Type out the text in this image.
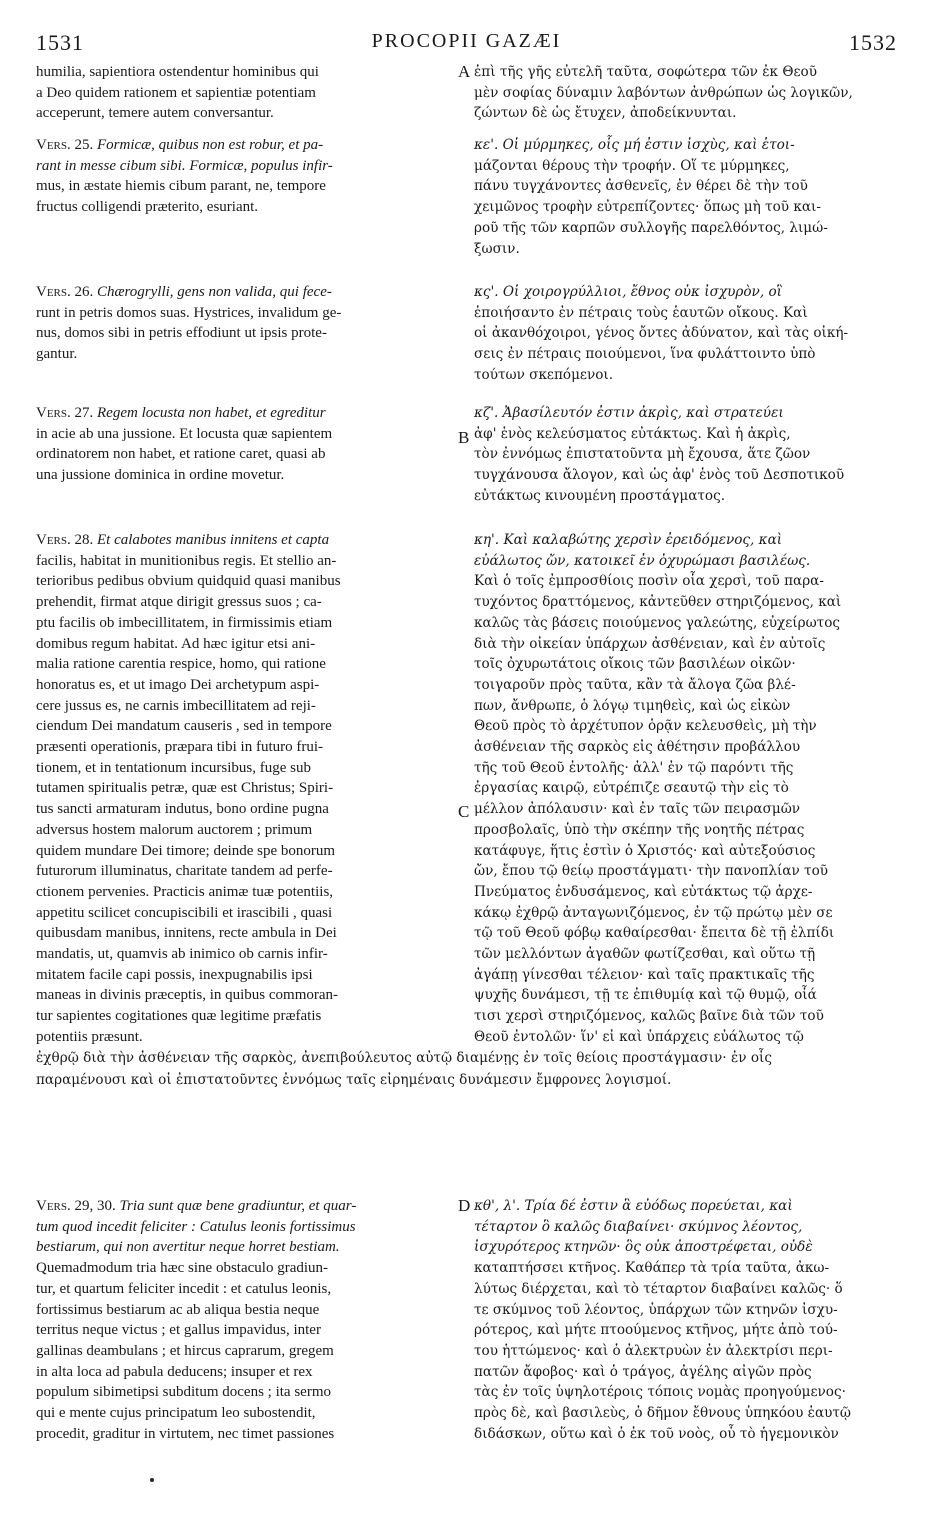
1531	PROCOPII GAZÆI	1532
A
B
C
D
humilia, sapientiora ostendentur hominibus qui
a Deo quidem rationem et sapientiæ potentiam
acceperunt, temere autem conversantur.
Vers. 25. Formicæ, quibus non est robur, et pa-
rant in messe cibum sibi. Formicæ, populus infir-
mus, in æstate hiemis cibum parant, ne, tempore
fructus colligendi præterito, esuriant.
Vers. 26. Chærogrylli, gens non valida, qui fece-
runt in petris domos suas. Hystrices, invalidum ge-
nus, domos sibi in petris effodiunt ut ipsis prote-
gantur.
Vers. 27. Regem locusta non habet, et egreditur
in acie ab una jussione. Et locusta quæ sapientem
ordinatorem non habet, et ratione caret, quasi ab
una jussione dominica in ordine movetur.
Vers. 28. Et calabotes manibus innitens et capta
facilis, habitat in munitionibus regis. Et stellio an-
terioribus pedibus obvium quidquid quasi manibus
prehendit, firmat atque dirigit gressus suos ; ca-
ptu facilis ob imbecillitatem, in firmissimis etiam
domibus regum habitat. Ad hæc igitur etsi ani-
malia ratione carentia respice, homo, qui ratione
honoratus es, et ut imago Dei archetypum aspi-
cere jussus es, ne carnis imbecillitatem ad reji-
ciendum Dei mandatum causeris , sed in tempore
præsenti operationis, præpara tibi in futuro frui-
tionem, et in tentationum incursibus, fuge sub
tutamen spiritualis petræ, quæ est Christus; Spiri-
tus sancti armaturam indutus, bono ordine pugna
adversus hostem malorum auctorem ; primum
quidem mundare Dei timore; deinde spe bonorum
futurorum illuminatus, charitate tandem ad perfe-
ctionem pervenies. Practicis animæ tuæ potentiis,
appetitu scilicet concupiscibili et irascibili , quasi
quibusdam manibus, innitens, recte ambula in Dei
mandatis, ut, quamvis ab inimico ob carnis infir-
mitatem facile capi possis, inexpugnabilis ipsi
maneas in divinis præceptis, in quibus commoran-
tur sapientes cogitationes quæ legitime præfatis
potentiis præsunt.
ἐπὶ τῆς γῆς εὐτελῆ ταῦτα, σοφώτερα τῶν ἐκ Θεοῦ
μὲν σοφίας δύναμιν λαβόντων ἀνθρώπων ὡς λογικῶν,
ζώντων δὲ ὡς ἔτυχεν, ἀποδείκνυνται.
κε'. Οἱ μύρμηκες, οἷς μή ἐστιν ἰσχὺς, καὶ ἑτοι-
μάζονται θέρους τὴν τροφήν. Οἵ τε μύρμηκες,
πάνυ τυγχάνοντες ἀσθενεῖς, ἐν θέρει δὲ τὴν τοῦ
χειμῶνος τροφὴν εὐτρεπίζοντες· ὅπως μὴ τοῦ και-
ροῦ τῆς τῶν καρπῶν συλλογῆς παρελθόντος, λιμώ-
ξωσιν.
κς'. Οἱ χοιρογρύλλιοι, ἔθνος οὐκ ἰσχυρὸν, οἳ
ἐποιήσαντο ἐν πέτραις τοὺς ἑαυτῶν οἴκους. Καὶ
οἱ ἀκανθόχοιροι, γένος ὄντες ἀδύνατον, καὶ τὰς οἰκή-
σεις ἐν πέτραις ποιούμενοι, ἵνα φυλάττοιντο ὑπὸ
τούτων σκεπόμενοι.
κζ'. Ἀβασίλευτόν ἐστιν ἀκρὶς, καὶ στρατεύει
ἀφ' ἑνὸς κελεύσματος εὐτάκτως. Καὶ ἡ ἀκρὶς,
τὸν ἐννόμως ἐπιστατοῦντα μὴ ἔχουσα, ἅτε ζῶον
τυγχάνουσα ἄλογον, καὶ ὡς ἀφ' ἑνὸς τοῦ Δεσποτικοῦ
εὐτάκτως κινουμένη προστάγματος.
κη'. Καὶ καλαβώτης χερσὶν ἐρειδόμενος, καὶ
εὐάλωτος ὤν, κατοικεῖ ἐν ὀχυρώμασι βασιλέως.
Καὶ ὁ τοῖς ἐμπροσθίοις ποσὶν οἷα χερσὶ, τοῦ παρα-
τυχόντος δραττόμενος, κἀντεῦθεν στηριζόμενος, καὶ
καλῶς τὰς βάσεις ποιούμενος γαλεώτης, εὐχείρωτος
διὰ τὴν οἰκείαν ὑπάρχων ἀσθένειαν, καὶ ἐν αὐτοῖς
τοῖς ὀχυρωτάτοις οἴκοις τῶν βασιλέων οἰκῶν·
τοιγαροῦν πρὸς ταῦτα, κἂν τὰ ἄλογα ζῶα βλέ-
πων, ἄνθρωπε, ὁ λόγῳ τιμηθεὶς, καὶ ὡς εἰκὼν
Θεοῦ πρὸς τὸ ἀρχέτυπον ὁρᾷν κελευσθεὶς, μὴ τὴν
ἀσθένειαν τῆς σαρκὸς εἰς ἀθέτησιν προβάλλου
τῆς τοῦ Θεοῦ ἐντολῆς· ἀλλ' ἐν τῷ παρόντι τῆς
ἐργασίας καιρῷ, εὐτρέπιζε σεαυτῷ τὴν εἰς τὸ
μέλλον ἀπόλαυσιν· καὶ ἐν ταῖς τῶν πειρασμῶν
προσβολαῖς, ὑπὸ τὴν σκέπην τῆς νοητῆς πέτρας
κατάφυγε, ἥτις ἐστὶν ὁ Χριστός· καὶ αὐτεξούσιος
ὤν, ἔπου τῷ θείῳ προστάγματι· τὴν πανοπλίαν τοῦ
Πνεύματος ἐνδυσάμενος, καὶ εὐτάκτως τῷ ἀρχε-
κάκῳ ἐχθρῷ ἀνταγωνιζόμενος, ἐν τῷ πρώτῳ μὲν σε
τῷ τοῦ Θεοῦ φόβῳ καθαίρεσθαι· ἔπειτα δὲ τῇ ἐλπίδι
τῶν μελλόντων ἀγαθῶν φωτίζεσθαι, καὶ οὕτω τῇ
ἀγάπῃ γίνεσθαι τέλειον· καὶ ταῖς πρακτικαῖς τῆς
ψυχῆς δυνάμεσι, τῇ τε ἐπιθυμίᾳ καὶ τῷ θυμῷ, οἷά
τισι χερσὶ στηριζόμενος, καλῶς βαῖνε διὰ τῶν τοῦ
Θεοῦ ἐντολῶν· ἵν' εἰ καὶ ὑπάρχεις εὐάλωτος τῷ
ἐχθρῷ διὰ τὴν ἀσθένειαν τῆς σαρκὸς, ἀνεπιβούλευτος αὐτῷ διαμένῃς ἐν τοῖς θείοις προστάγμασιν· ἐν οἷς
παραμένουσι καὶ οἱ ἐπιστατοῦντες ἐννόμως ταῖς εἰρημέναις δυνάμεσιν ἔμφρονες λογισμοί.
Vers. 29, 30. Tria sunt quæ bene gradiuntur, et quar-
tum quod incedit feliciter : Catulus leonis fortissimus
bestiarum, qui non avertitur neque horret bestiam.
Quemadmodum tria hæc sine obstaculo gradiun-
tur, et quartum feliciter incedit : et catulus leonis,
fortissimus bestiarum ac ab aliqua bestia neque
territus neque victus ; et gallus impavidus, inter
gallinas deambulans ; et hircus caprarum, gregem
in alta loca ad pabula deducens; insuper et rex
populum sibimetipsi subditum docens ; ita sermo
qui e mente cujus principatum leo subostendit,
procedit, graditur in virtutem, nec timet passiones
κθ', λ'. Τρία δέ ἐστιν ἃ εὐόδως πορεύεται, καὶ
τέταρτον ὃ καλῶς διαβαίνει· σκύμνος λέοντος,
ἰσχυρότερος κτηνῶν· ὃς οὐκ ἀποστρέφεται, οὐδὲ
καταπτήσσει κτῆνος. Καθάπερ τὰ τρία ταῦτα, ἀκω-
λύτως διέρχεται, καὶ τὸ τέταρτον διαβαίνει καλῶς· ὅ
τε σκύμνος τοῦ λέοντος, ὑπάρχων τῶν κτηνῶν ἰσχυ-
ρότερος, καὶ μήτε πτοούμενος κτῆνος, μήτε ἀπὸ τού-
του ἡττώμενος· καὶ ὁ ἀλεκτρυὼν ἐν ἀλεκτρίσι περι-
πατῶν ἄφοβος· καὶ ὁ τράγος, ἀγέλης αἰγῶν πρὸς
τὰς ἐν τοῖς ὑψηλοτέροις τόποις νομὰς προηγούμενος·
πρὸς δὲ, καὶ βασιλεὺς, ὁ δῆμον ἔθνους ὑπηκόου ἑαυτῷ
διδάσκων, οὕτω καὶ ὁ ἐκ τοῦ νοὸς, οὗ τὸ ἡγεμονικὸν
